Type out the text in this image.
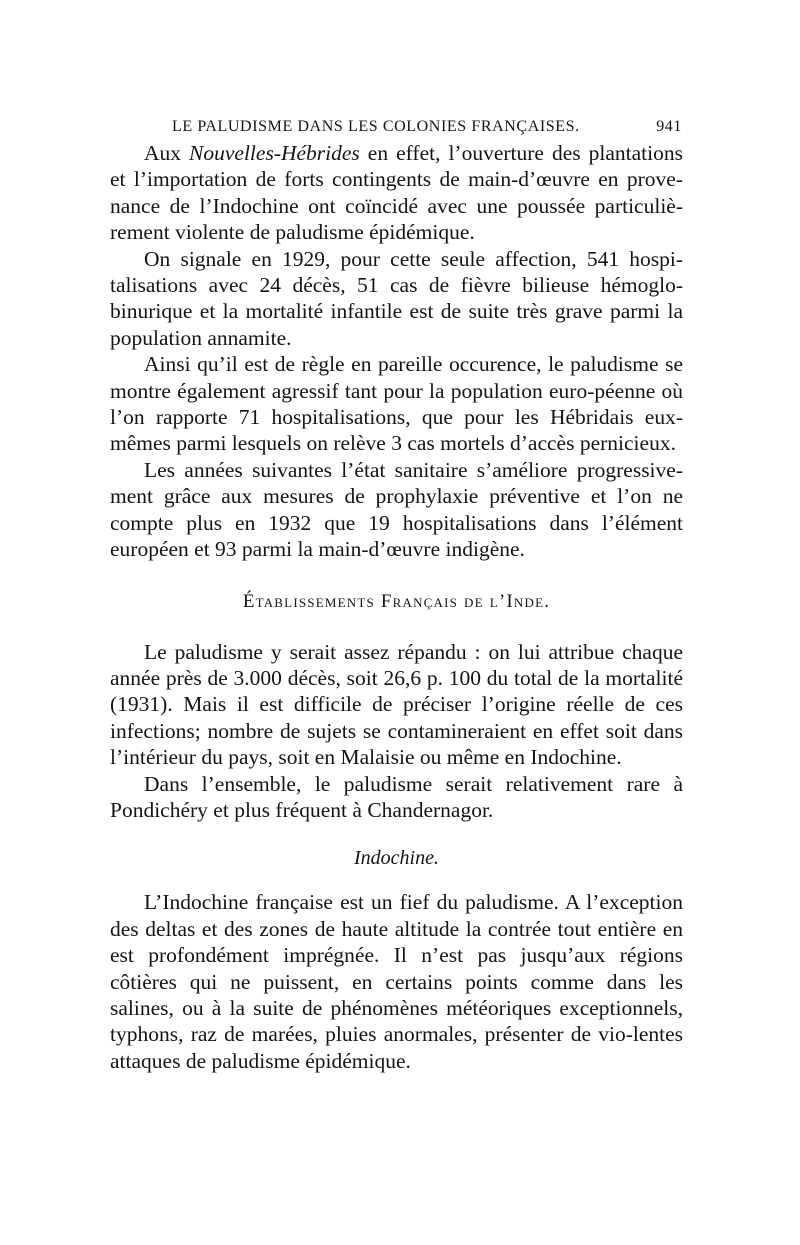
LE PALUDISME DANS LES COLONIES FRANÇAISES.	941

Aux Nouvelles-Hébrides en effet, l’ouverture des plantations et l’importation de forts contingents de main-d’œuvre en prove-nance de l’Indochine ont coïncidé avec une poussée particuliè-rement violente de paludisme épidémique.

On signale en 1929, pour cette seule affection, 541 hospi-talisations avec 24 décès, 51 cas de fièvre bilieuse hémoglo-binurique et la mortalité infantile est de suite très grave parmi la population annamite.

Ainsi qu’il est de règle en pareille occurence, le paludisme se montre également agressif tant pour la population euro-péenne où l’on rapporte 71 hospitalisations, que pour les Hébridais eux-mêmes parmi lesquels on relève 3 cas mortels d’accès pernicieux.

Les années suivantes l’état sanitaire s’améliore progressive-ment grâce aux mesures de prophylaxie préventive et l’on ne compte plus en 1932 que 19 hospitalisations dans l’élément européen et 93 parmi la main-d’œuvre indigène.

Établissements Français de l’Inde.

Le paludisme y serait assez répandu : on lui attribue chaque année près de 3.000 décès, soit 26,6 p. 100 du total de la mortalité (1931). Mais il est difficile de préciser l’origine réelle de ces infections; nombre de sujets se contamineraient en effet soit dans l’intérieur du pays, soit en Malaisie ou même en Indochine.

Dans l’ensemble, le paludisme serait relativement rare à Pondichéry et plus fréquent à Chandernagor.

Indochine.

L’Indochine française est un fief du paludisme. A l’exception des deltas et des zones de haute altitude la contrée tout entière en est profondément imprégnée. Il n’est pas jusqu’aux régions côtières qui ne puissent, en certains points comme dans les salines, ou à la suite de phénomènes météoriques exceptionnels, typhons, raz de marées, pluies anormales, présenter de vio-lentes attaques de paludisme épidémique.
